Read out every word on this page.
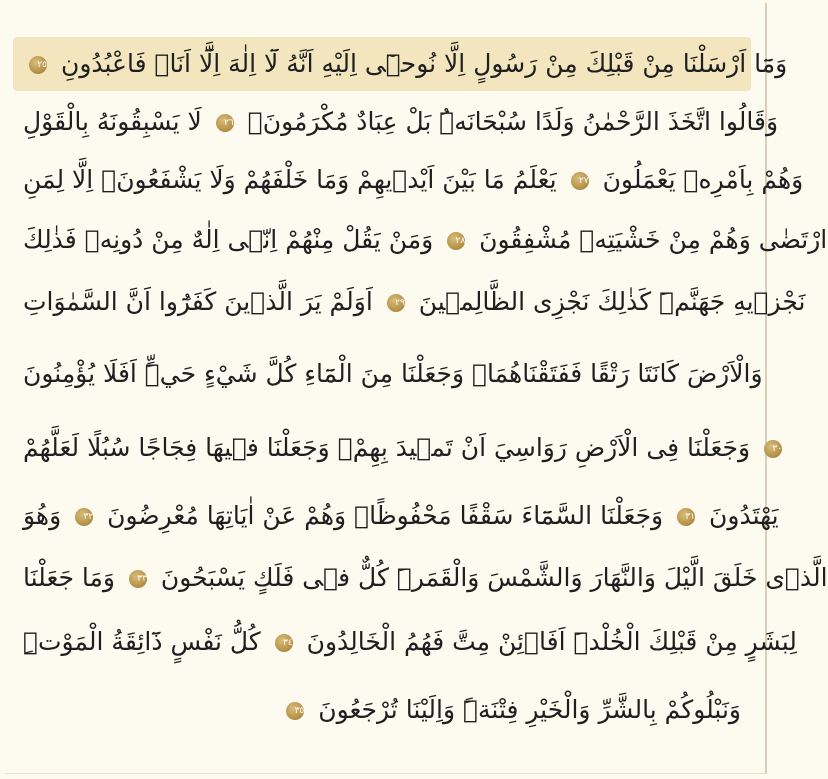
وَمَٓا اَرْسَلْنَا مِنْ قَبْلِكَ مِنْ رَسُولٍ اِلَّا نُوحٖٓى اِلَيْهِ اَنَّهُ لَٓا اِلٰهَ اِلَّٓا اَنَا۬ فَاعْبُدُونِ ٢٥
وَقَالُوا اتَّخَذَ الرَّحْمٰنُ وَلَدًا سُبْحَانَهُۜ بَلْ عِبَادٌ مُكْرَمُونَۙ ٢٦ لَا يَسْبِقُونَهُ بِالْقَوْلِ
وَهُمْ بِاَمْرِهٖ يَعْمَلُونَ ٢٧ يَعْلَمُ مَا بَيْنَ اَيْدٖيهِمْ وَمَا خَلْفَهُمْ وَلَا يَشْفَعُونَۙ اِلَّا لِمَنِ
ارْتَضٰى وَهُمْ مِنْ خَشْيَتِهٖ مُشْفِقُونَ ٢٨ وَمَنْ يَقُلْ مِنْهُمْ اِنّٖى اِلٰهٌ مِنْ دُونِهٖ فَذٰلِكَ
نَجْزٖيهِ جَهَنَّمَۜ كَذٰلِكَ نَجْزِى الظَّالِمٖينَ ٢٩ اَوَلَمْ يَرَ الَّذٖينَ كَفَرُٓوا اَنَّ السَّمٰوَاتِ
وَالْاَرْضَ كَانَتَا رَتْقًا فَفَتَقْنَاهُمَاۜ وَجَعَلْنَا مِنَ الْمَٓاءِ كُلَّ شَيْءٍ حَيٍّۜ اَفَلَا يُؤْمِنُونَ
٣٠ وَجَعَلْنَا فِى الْاَرْضِ رَوَاسِيَ اَنْ تَمٖيدَ بِهِمْۖ وَجَعَلْنَا فٖيهَا فِجَاجًا سُبُلًا لَعَلَّهُمْ
يَهْتَدُونَ ٣١ وَجَعَلْنَا السَّمَٓاءَ سَقْفًا مَحْفُوظًاۚ وَهُمْ عَنْ اٰيَاتِهَا مُعْرِضُونَ ٣٢ وَهُوَ
الَّذٖى خَلَقَ الَّيْلَ وَالنَّهَارَ وَالشَّمْسَ وَالْقَمَرَۜ كُلٌّ فٖى فَلَكٍ يَسْبَحُونَ ٣٣ وَمَا جَعَلْنَا
لِبَشَرٍ مِنْ قَبْلِكَ الْخُلْدَۜ اَفَا۬ئِنْ مِتَّ فَهُمُ الْخَالِدُونَ ٣٤ كُلُّ نَفْسٍ ذَٓائِقَةُ الْمَوْتِۜ
وَنَبْلُوكُمْ بِالشَّرِّ وَالْخَيْرِ فِتْنَةًۜ وَاِلَيْنَا تُرْجَعُونَ ٣٥
